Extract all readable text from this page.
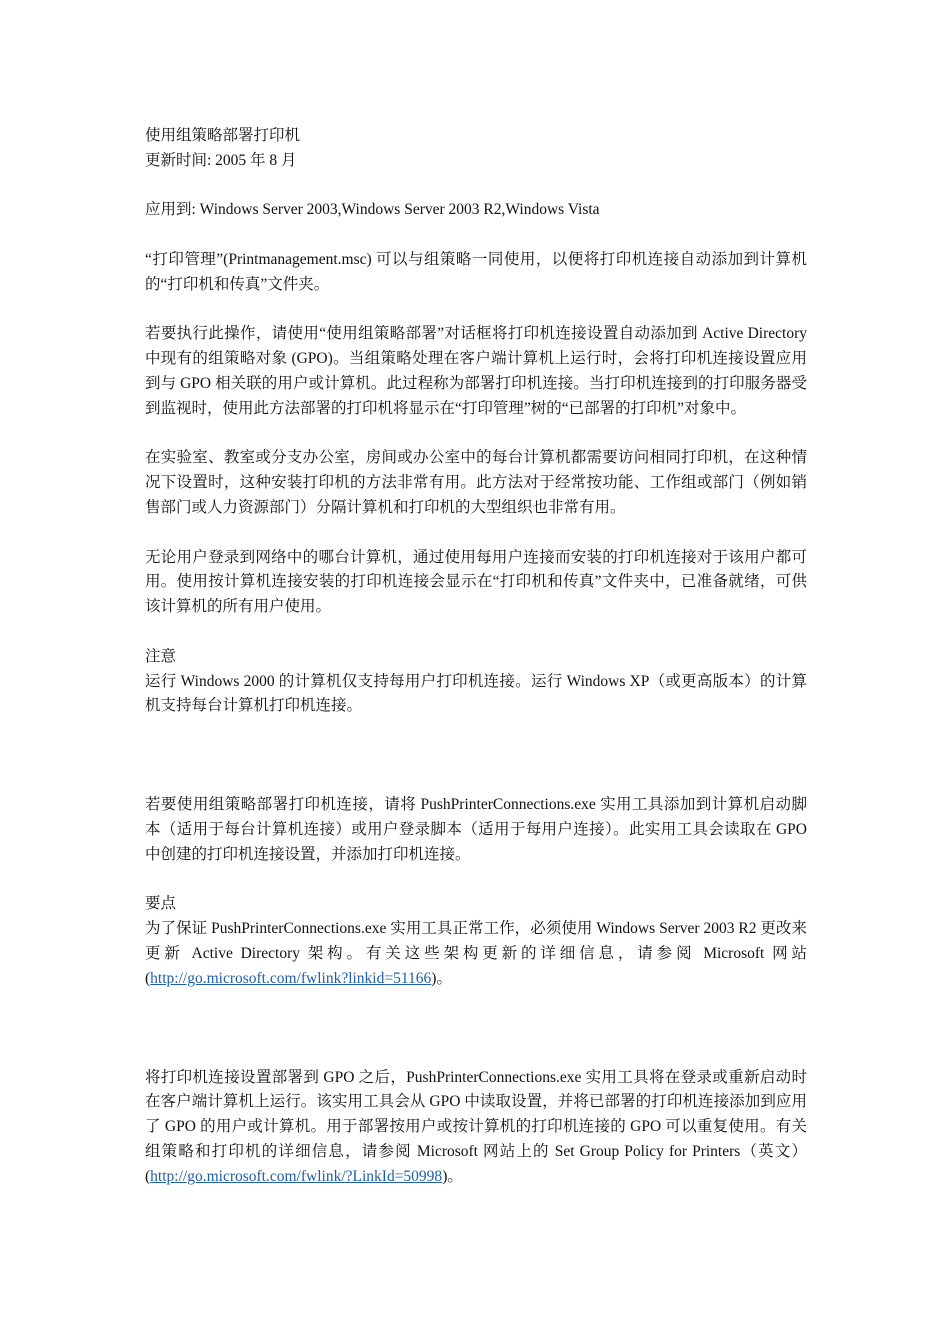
使用组策略部署打印机
更新时间: 2005 年 8 月
应用到: Windows Server 2003,Windows Server 2003 R2,Windows Vista
“打印管理”(Printmanagement.msc) 可以与组策略一同使用，以便将打印机连接自动添加到计算机的“打印机和传真”文件夹。
若要执行此操作，请使用“使用组策略部署”对话框将打印机连接设置自动添加到 Active Directory 中现有的组策略对象 (GPO)。当组策略处理在客户端计算机上运行时，会将打印机连接设置应用到与 GPO 相关联的用户或计算机。此过程称为部署打印机连接。当打印机连接到的打印服务器受到监视时，使用此方法部署的打印机将显示在“打印管理”树的“已部署的打印机”对象中。
在实验室、教室或分支办公室，房间或办公室中的每台计算机都需要访问相同打印机，在这种情况下设置时，这种安装打印机的方法非常有用。此方法对于经常按功能、工作组或部门（例如销售部门或人力资源部门）分隔计算机和打印机的大型组织也非常有用。
无论用户登录到网络中的哪台计算机，通过使用每用户连接而安装的打印机连接对于该用户都可用。使用按计算机连接安装的打印机连接会显示在“打印机和传真”文件夹中，已准备就绪，可供该计算机的所有用户使用。
注意
运行 Windows 2000 的计算机仅支持每用户打印机连接。运行 Windows XP（或更高版本）的计算机支持每台计算机打印机连接。
若要使用组策略部署打印机连接，请将 PushPrinterConnections.exe 实用工具添加到计算机启动脚本（适用于每台计算机连接）或用户登录脚本（适用于每用户连接）。此实用工具会读取在 GPO 中创建的打印机连接设置，并添加打印机连接。
要点
为了保证 PushPrinterConnections.exe 实用工具正常工作，必须使用 Windows Server 2003 R2 更改来更新 Active Directory 架构。有关这些架构更新的详细信息，请参阅 Microsoft 网站 (http://go.microsoft.com/fwlink?linkid=51166)。
将打印机连接设置部署到 GPO 之后，PushPrinterConnections.exe 实用工具将在登录或重新启动时在客户端计算机上运行。该实用工具会从 GPO 中读取设置，并将已部署的打印机连接添加到应用了 GPO 的用户或计算机。用于部署按用户或按计算机的打印机连接的 GPO 可以重复使用。有关组策略和打印机的详细信息，请参阅 Microsoft 网站上的 Set Group Policy for Printers（英文） (http://go.microsoft.com/fwlink/?LinkId=50998)。
